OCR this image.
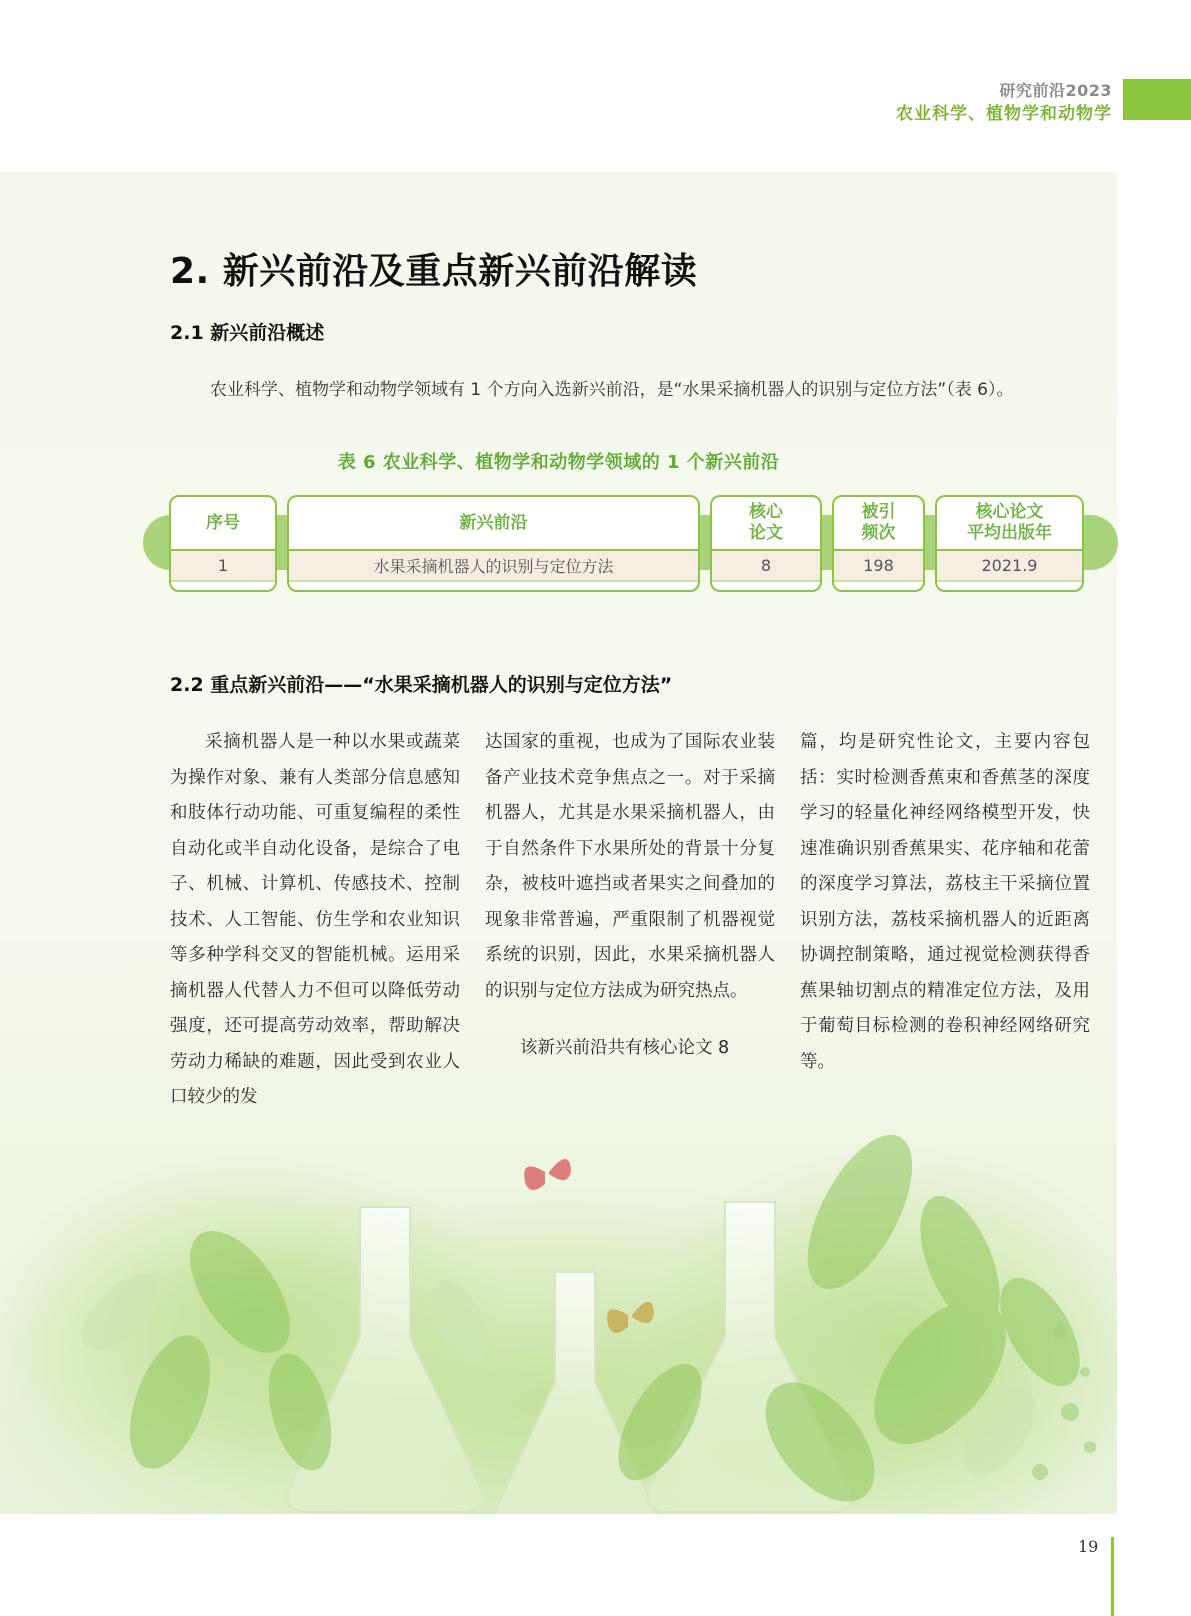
研究前沿2023
农业科学、植物学和动物学
2. 新兴前沿及重点新兴前沿解读
2.1 新兴前沿概述
农业科学、植物学和动物学领域有 1 个方向入选新兴前沿，是“水果采摘机器人的识别与定位方法”（表 6）。
表 6 农业科学、植物学和动物学领域的 1 个新兴前沿
序号
1
新兴前沿
水果采摘机器人的识别与定位方法
核心
论文
8
被引
频次
198
核心论文
平均出版年
2021.9
2.2 重点新兴前沿——“水果采摘机器人的识别与定位方法”

采摘机器人是一种以水果或蔬菜为操作对象、兼有人类部分信息感知和肢体行动功能、可重复编程的柔性自动化或半自动化设备，是综合了电子、机械、计算机、传感技术、控制技术、人工智能、仿生学和农业知识等多种学科交叉的智能机械。运用采摘机器人代替人力不但可以降低劳动强度，还可提高劳动效率，帮助解决劳动力稀缺的难题，因此受到农业人口较少的发

达国家的重视，也成为了国际农业装备产业技术竞争焦点之一。对于采摘机器人，尤其是水果采摘机器人，由于自然条件下水果所处的背景十分复杂，被枝叶遮挡或者果实之间叠加的现象非常普遍，严重限制了机器视觉系统的识别，因此，水果采摘机器人的识别与定位方法成为研究热点。

该新兴前沿共有核心论文 8

篇，均是研究性论文，主要内容包括：实时检测香蕉束和香蕉茎的深度学习的轻量化神经网络模型开发，快速准确识别香蕉果实、花序轴和花蕾的深度学习算法，荔枝主干采摘位置识别方法，荔枝采摘机器人的近距离协调控制策略，通过视觉检测获得香蕉果轴切割点的精准定位方法，及用于葡萄目标检测的卷积神经网络研究等。

19
